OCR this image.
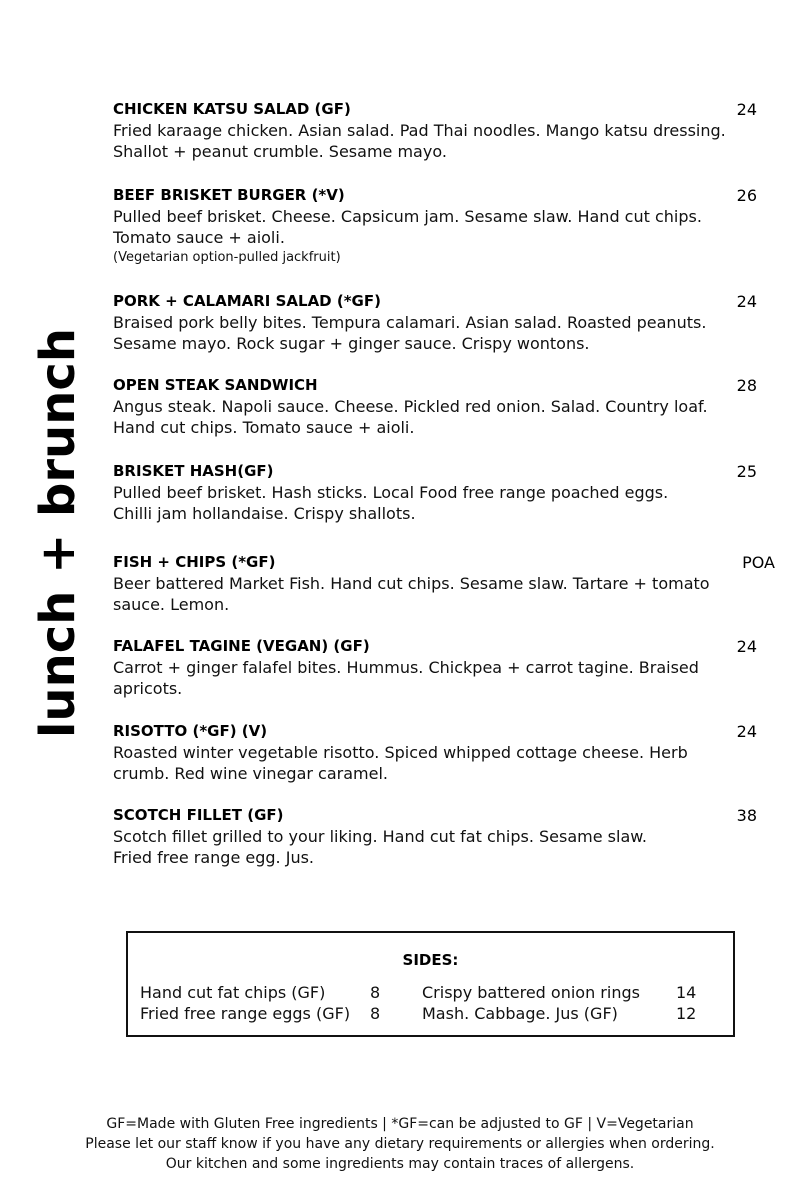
lunch + brunch
CHICKEN KATSU SALAD (GF)	24

Fried karaage chicken. Asian salad. Pad Thai noodles. Mango katsu dressing.
Shallot + peanut crumble. Sesame mayo.

BEEF BRISKET BURGER (*V)	26

Pulled beef brisket. Cheese. Capsicum jam. Sesame slaw. Hand cut chips.
Tomato sauce + aioli.

(Vegetarian option-pulled jackfruit)

PORK + CALAMARI SALAD (*GF)	24

Braised pork belly bites. Tempura calamari. Asian salad. Roasted peanuts.
Sesame mayo. Rock sugar + ginger sauce. Crispy wontons.

OPEN STEAK SANDWICH	28

Angus steak. Napoli sauce. Cheese. Pickled red onion. Salad. Country loaf.
Hand cut chips. Tomato sauce + aioli.

BRISKET HASH(GF)	25

Pulled beef brisket. Hash sticks. Local Food free range poached eggs.
Chilli jam hollandaise. Crispy shallots.

FISH + CHIPS (*GF)	POA

Beer battered Market Fish. Hand cut chips. Sesame slaw. Tartare + tomato
sauce. Lemon.

FALAFEL TAGINE (VEGAN) (GF)	24

Carrot + ginger falafel bites. Hummus. Chickpea + carrot tagine. Braised
apricots.

RISOTTO (*GF) (V)	24

Roasted winter vegetable risotto. Spiced whipped cottage cheese. Herb
crumb. Red wine vinegar caramel.

SCOTCH FILLET (GF)	38

Scotch fillet grilled to your liking. Hand cut fat chips. Sesame slaw.
Fried free range egg. Jus.

SIDES:
Hand cut fat chips (GF)	8
Fried free range eggs (GF) 8
Crispy battered onion rings 14
Mash. Cabbage. Jus (GF)	12

GF=Made with Gluten Free ingredients | *GF=can be adjusted to GF | V=Vegetarian

Please let our staff know if you have any dietary requirements or allergies when ordering.

Our kitchen and some ingredients may contain traces of allergens.
